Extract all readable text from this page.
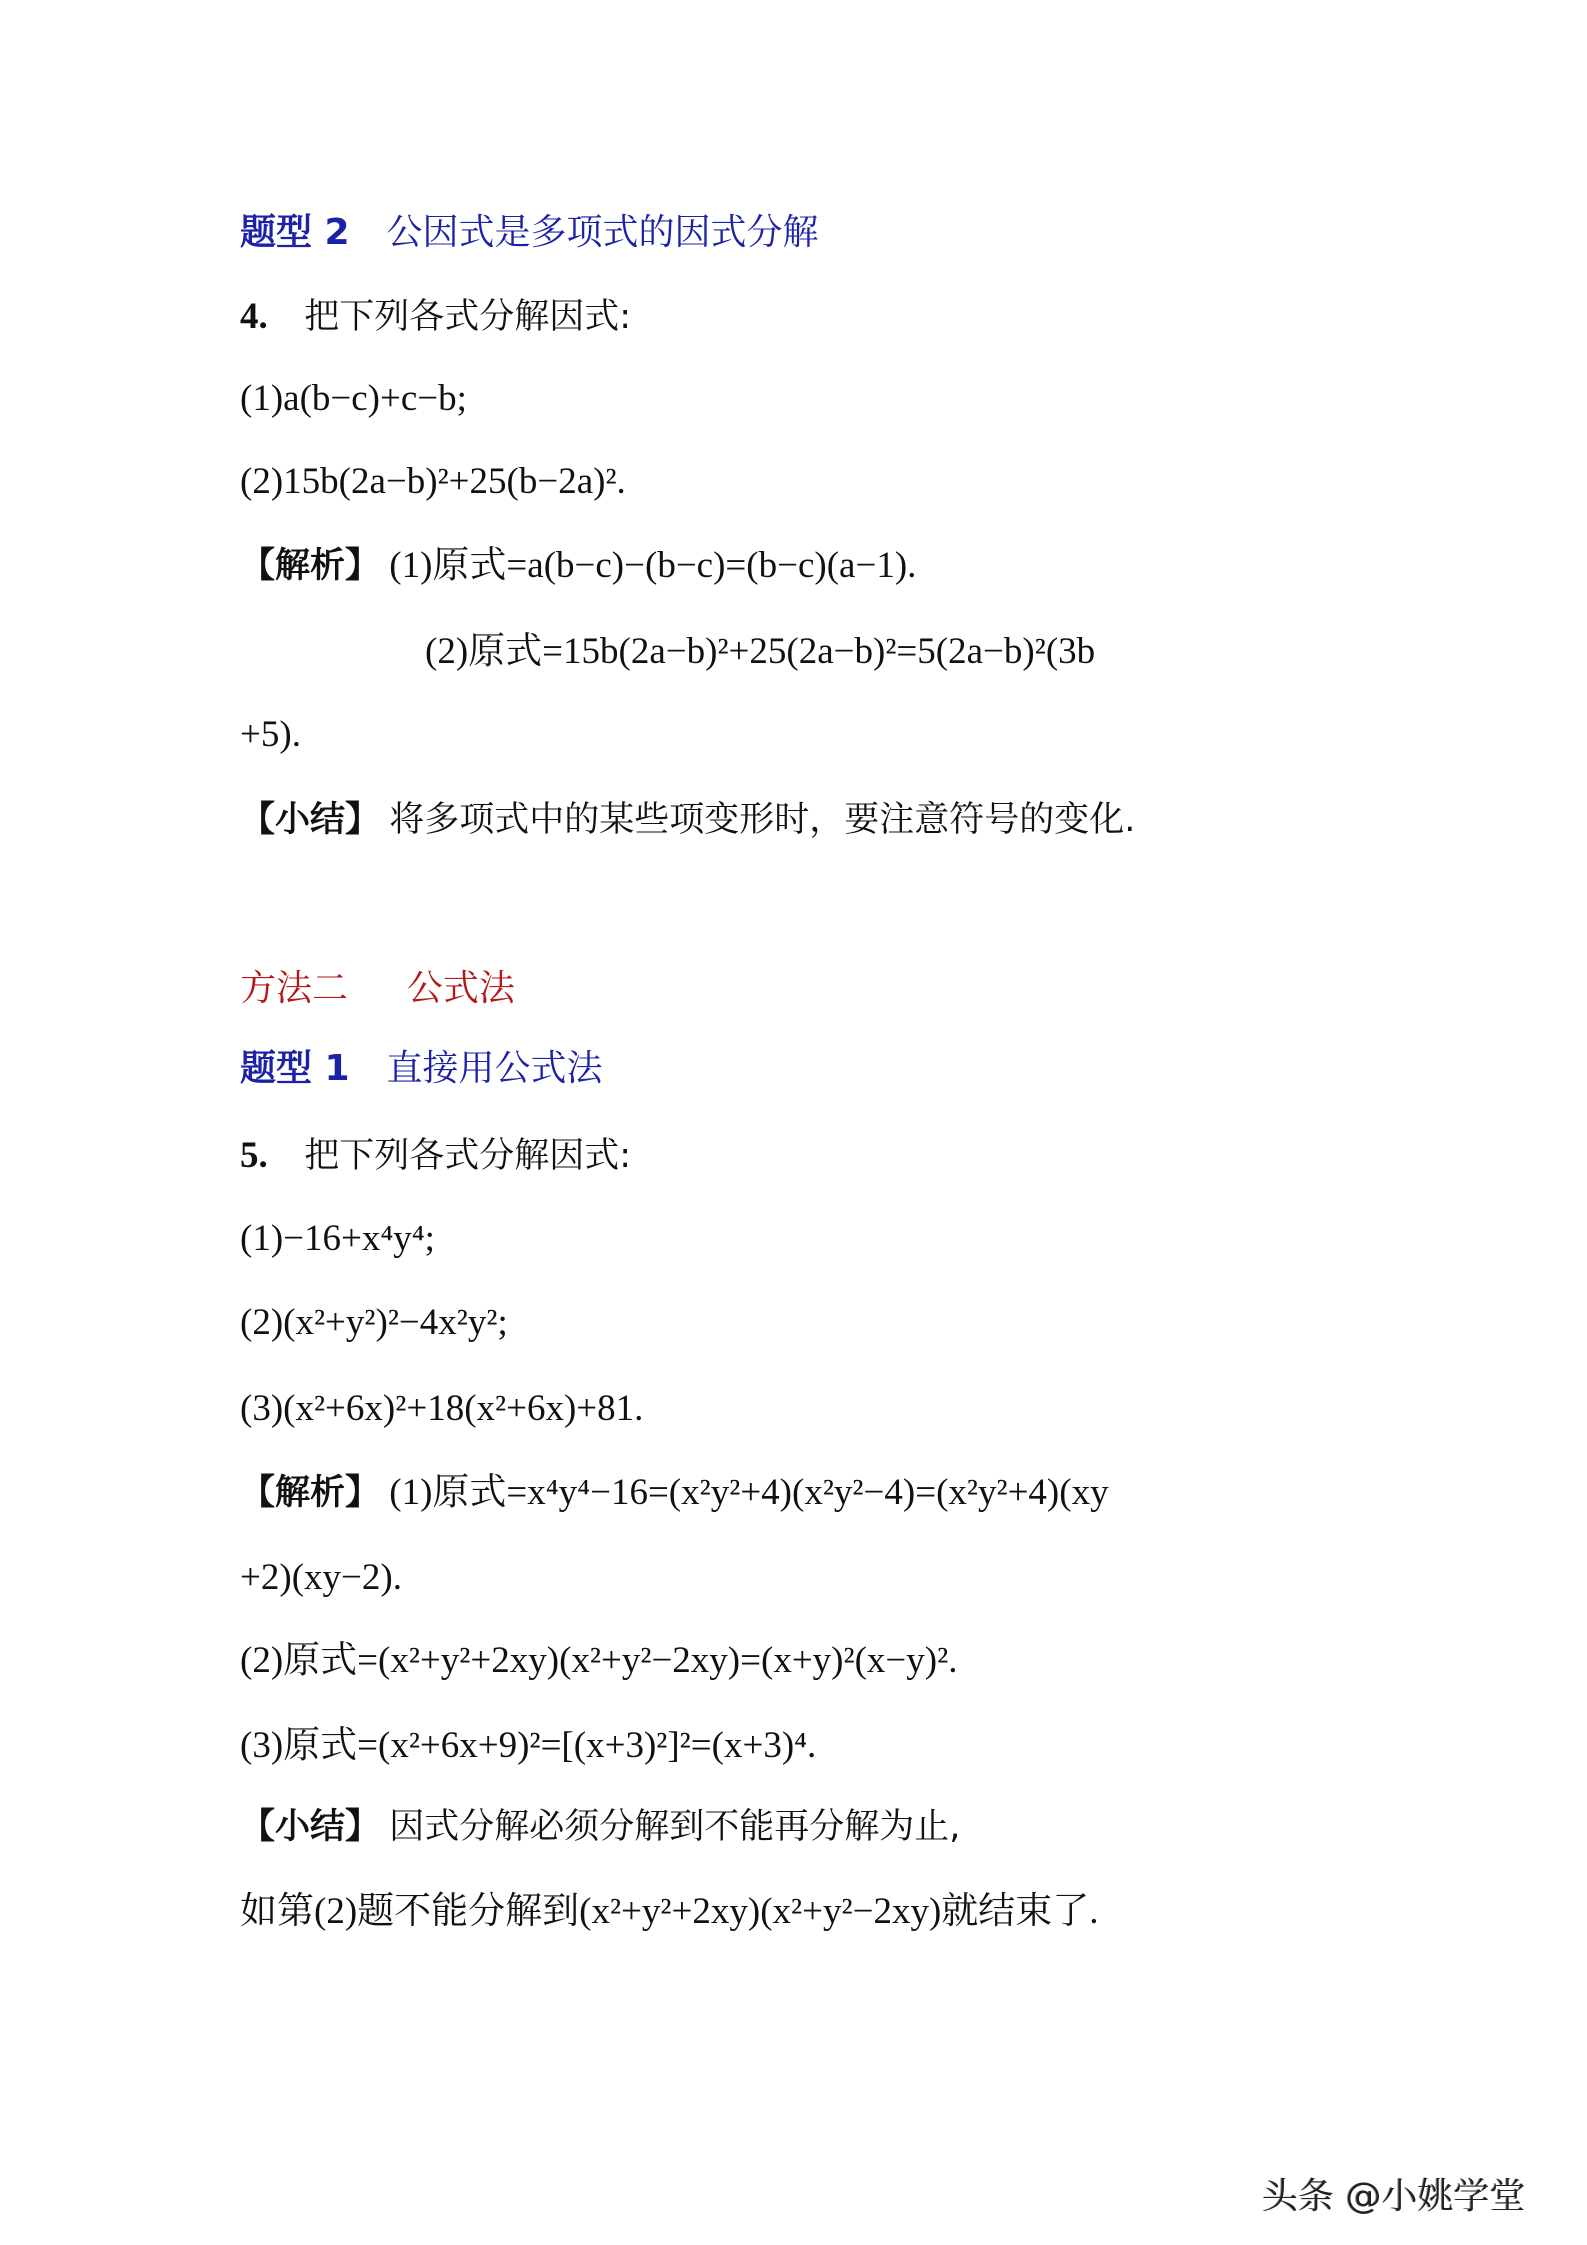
题型 2 公因式是多项式的因式分解
4. 把下列各式分解因式:
(1)a(b−c)+c−b;
(2)15b(2a−b)²+25(b−2a)².
【解析】 (1)原式=a(b−c)−(b−c)=(b−c)(a−1).
(2)原式=15b(2a−b)²+25(2a−b)²=5(2a−b)²(3b
+5).
【小结】 将多项式中的某些项变形时，要注意符号的变化.
方法二 公式法
题型 1 直接用公式法
5. 把下列各式分解因式:
(1)−16+x⁴y⁴;
(2)(x²+y²)²−4x²y²;
(3)(x²+6x)²+18(x²+6x)+81.
【解析】 (1)原式=x⁴y⁴−16=(x²y²+4)(x²y²−4)=(x²y²+4)(xy
+2)(xy−2).
(2)原式=(x²+y²+2xy)(x²+y²−2xy)=(x+y)²(x−y)².
(3)原式=(x²+6x+9)²=[(x+3)²]²=(x+3)⁴.
【小结】 因式分解必须分解到不能再分解为止,
如第(2)题不能分解到(x²+y²+2xy)(x²+y²−2xy)就结束了.
头条 @小姚学堂
